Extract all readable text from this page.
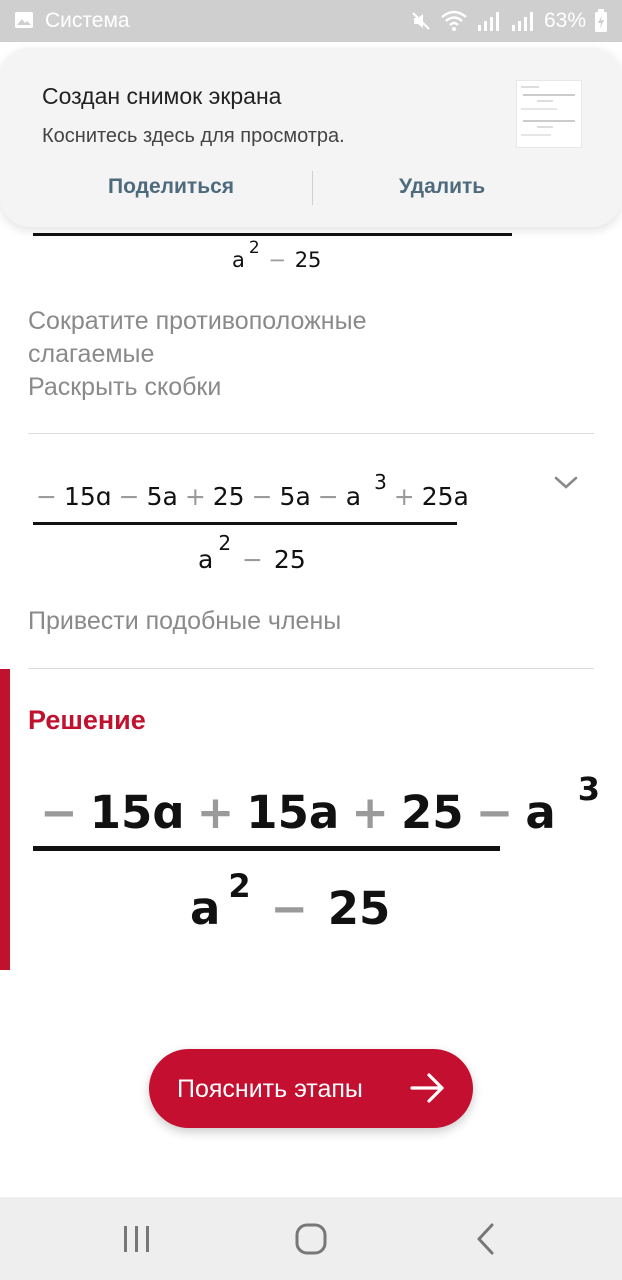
Система	63%
a $^2$ − 25
Сократите противоположные
слагаемые
Раскрыть скобки
− 15ɑ − 5a + 25 − 5a − a $^3$ + 25a
$a^2 - 25$
Привести подобные члены
Решение
− 15ɑ + 15a + 25 − a $^3$
a $^2$ − 25
Пояснить этапы
Создан снимок экрана
Коснитесь здесь для просмотра.
Поделиться	Удалить
